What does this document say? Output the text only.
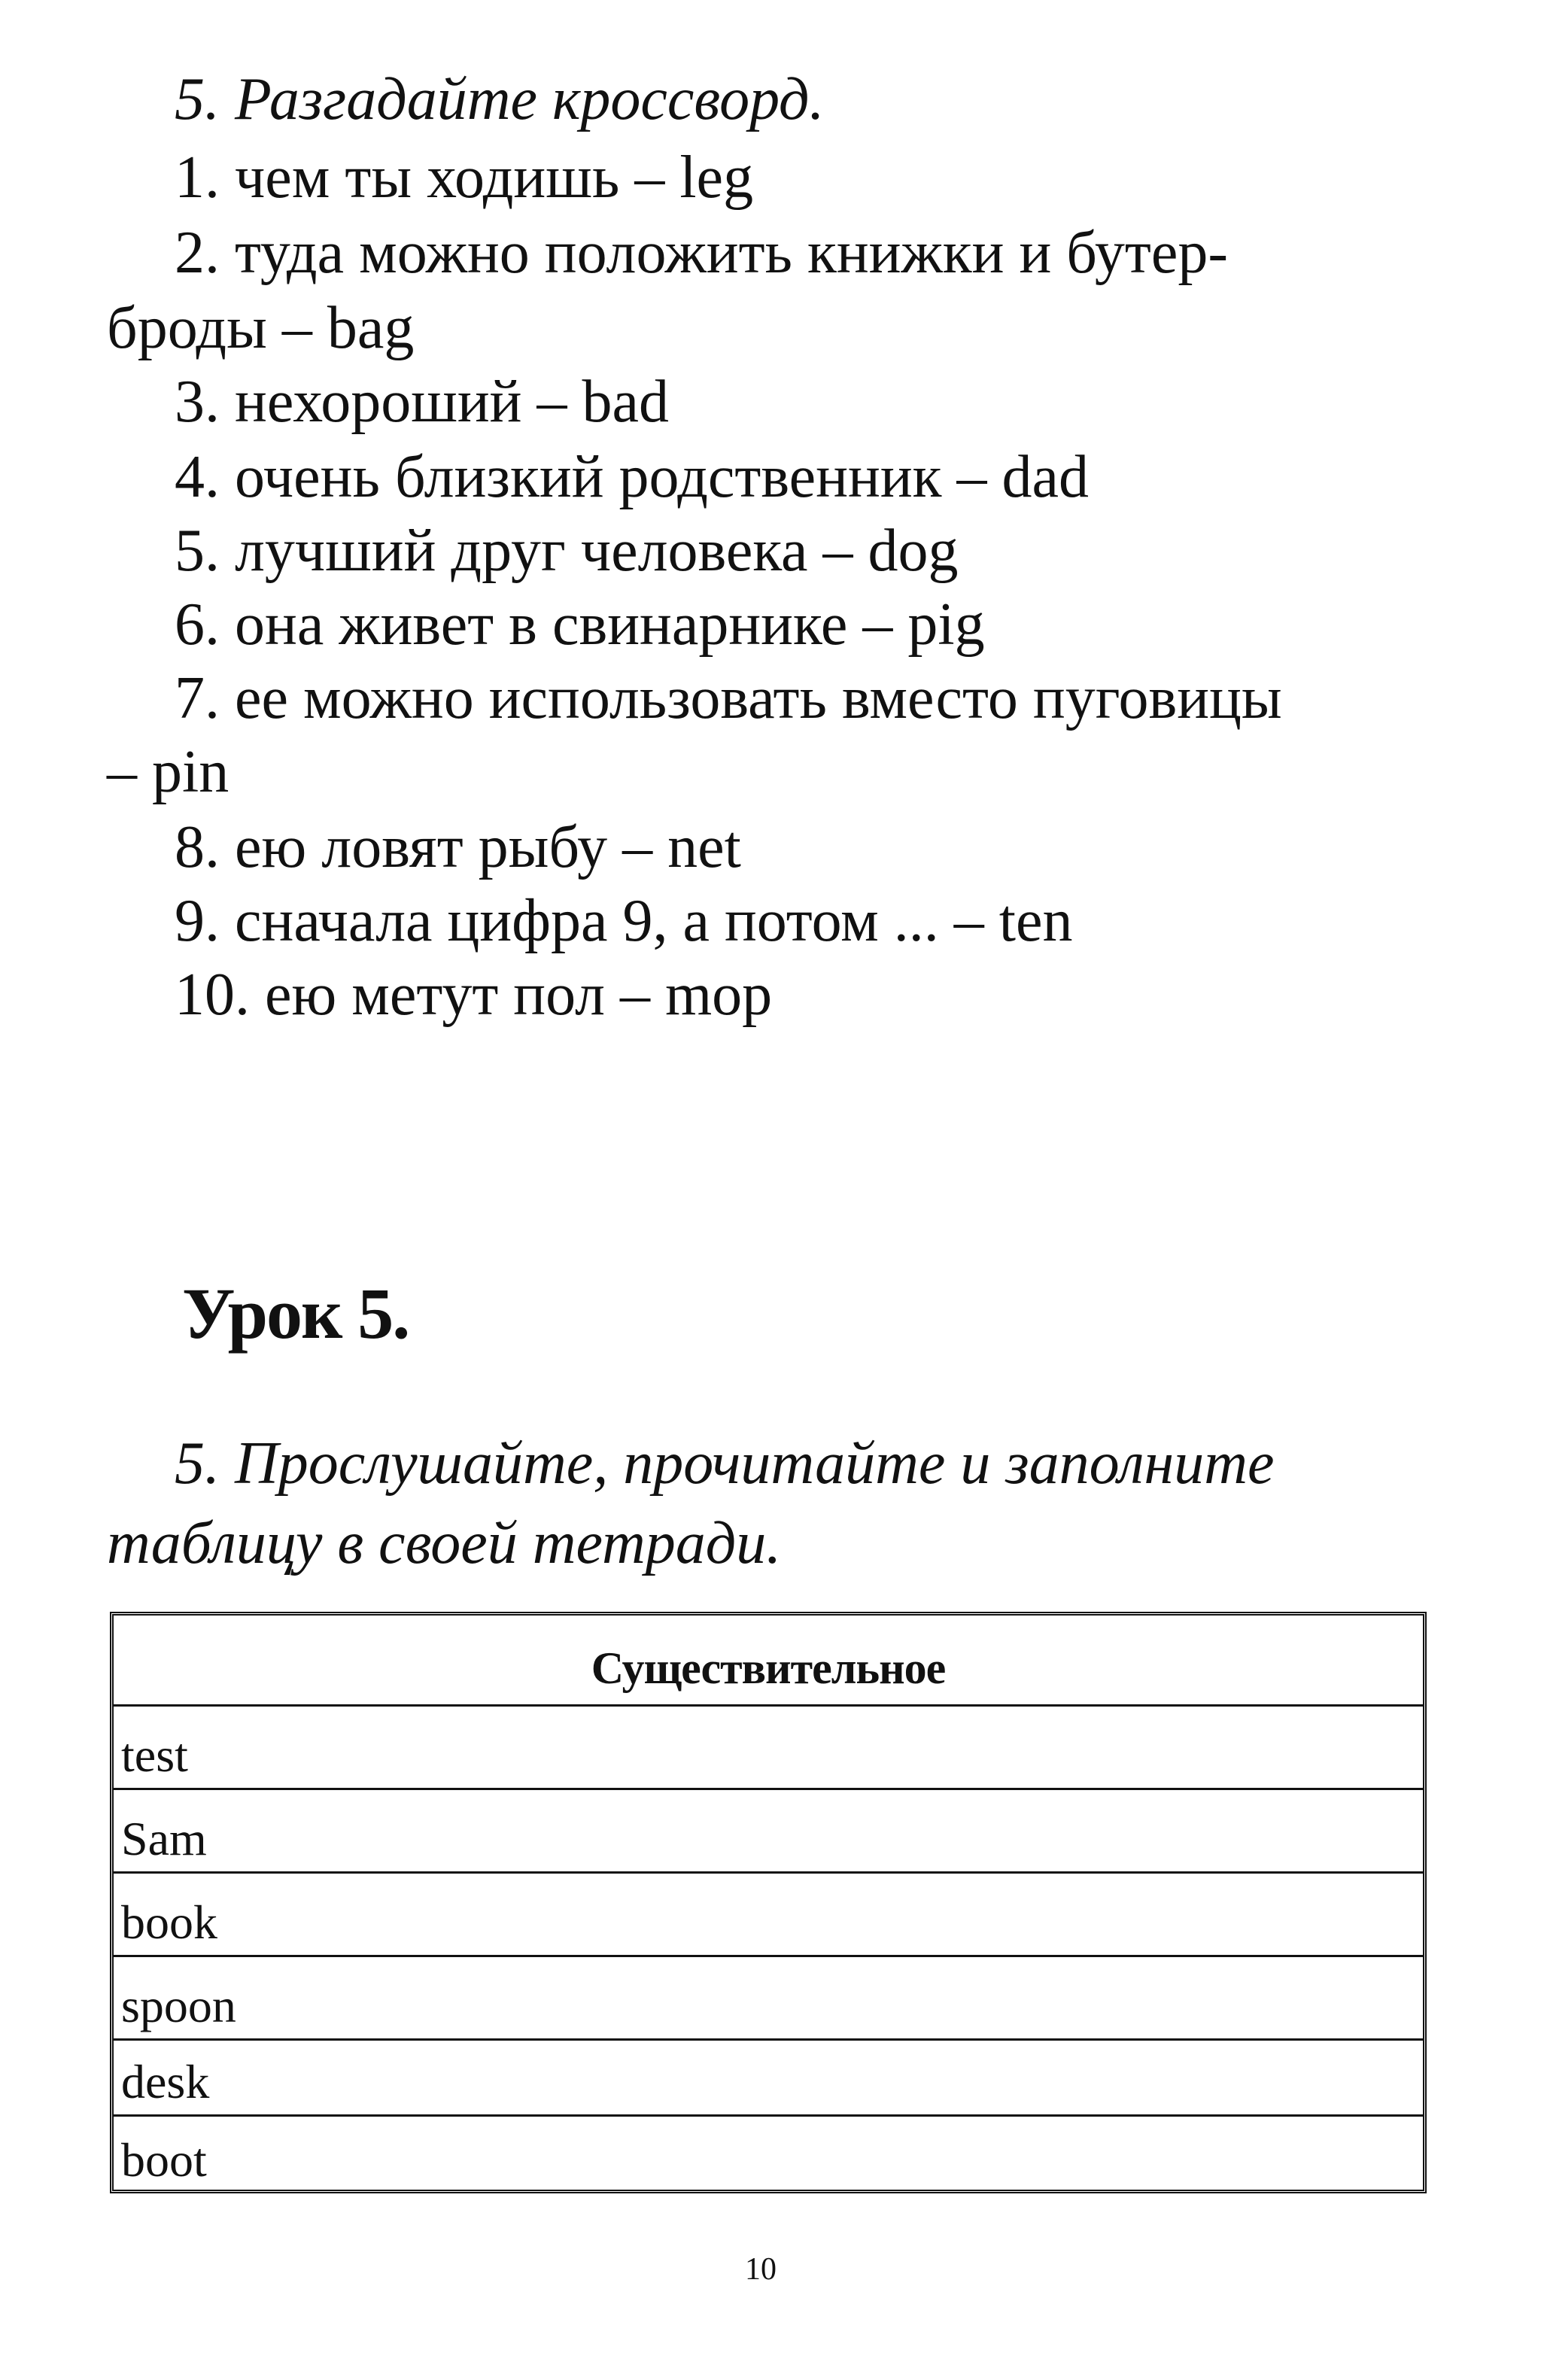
5. Разгадайте кроссворд.
1. чем ты ходишь – leg
2. туда можно положить книжки и бутер-
броды – bag
3. нехороший – bad
4. очень близкий родственник – dad
5. лучший друг человека – dog
6. она живет в свинарнике – pig
7. ее можно использовать вместо пуговицы
– pin
8. ею ловят рыбу – net
9. сначала цифра 9, а потом ... – ten
10. ею метут пол – mop
Урок 5.
5. Прослушайте, прочитайте и заполните
таблицу в своей тетради.
Существительное
test
Sam
book
spoon
desk
boot
10
